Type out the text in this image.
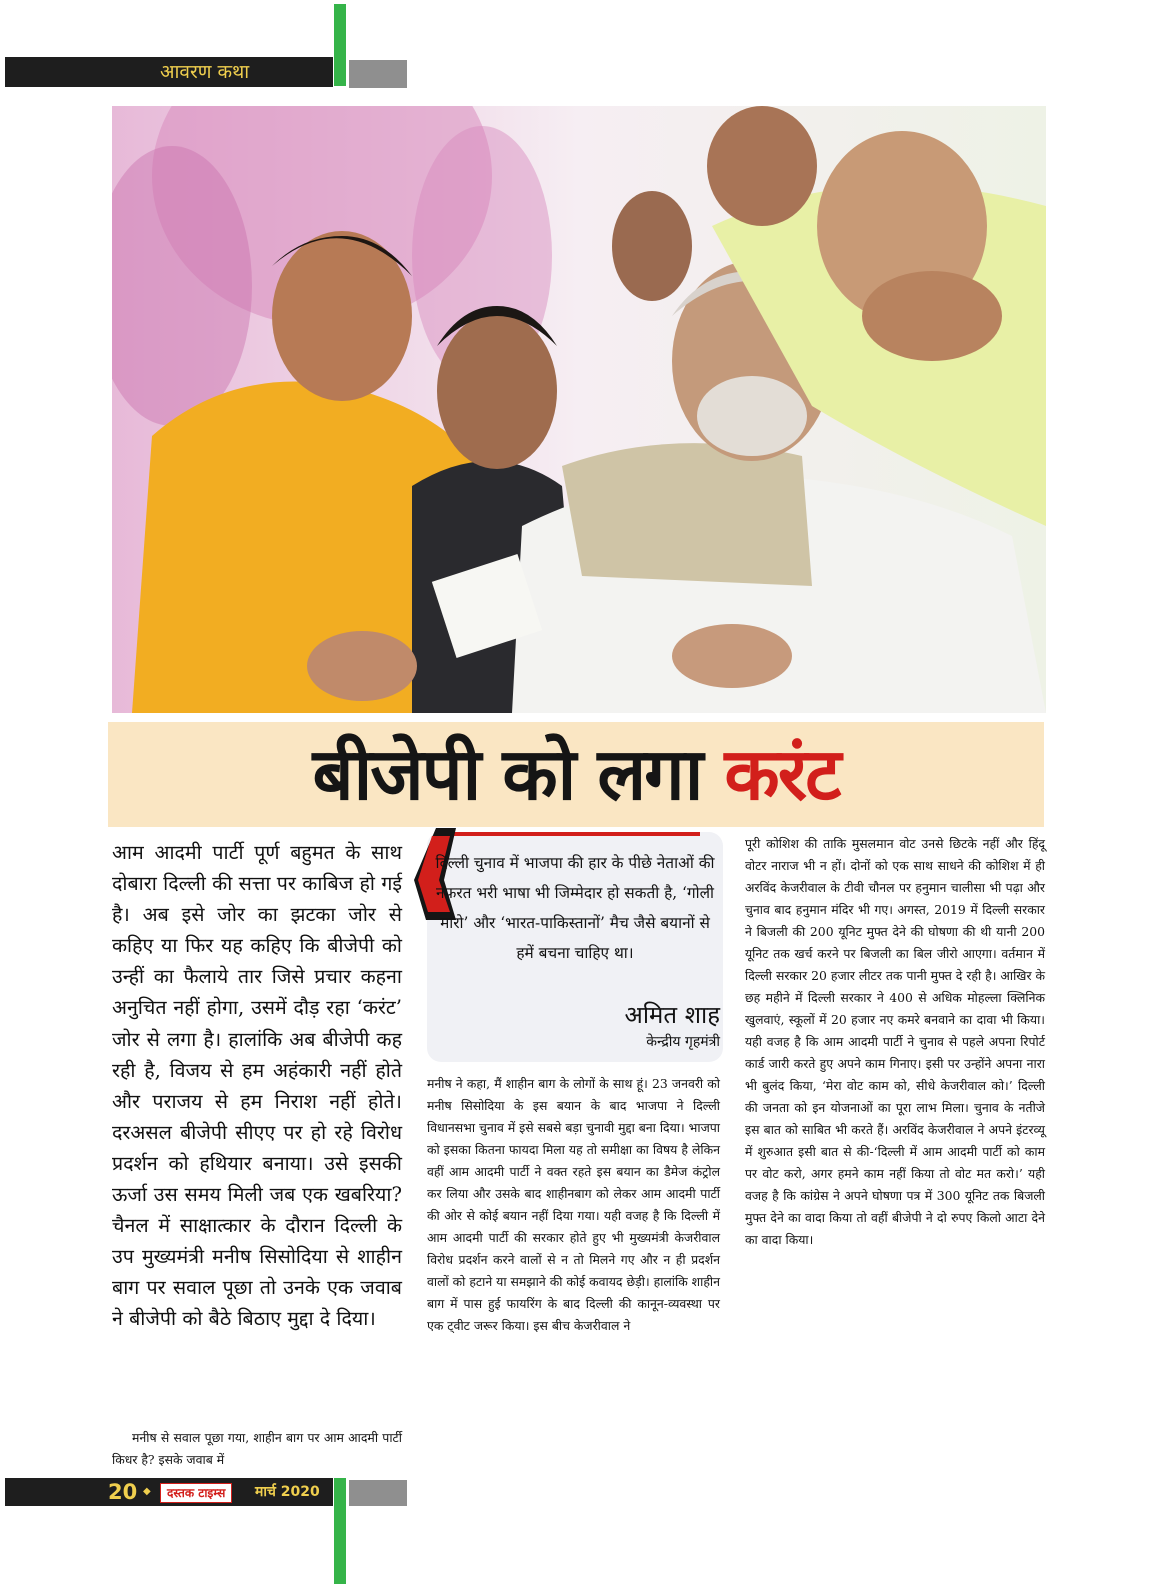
आवरण कथा
बीजेपी को लगा करंट
आम आदमी पार्टी पूर्ण बहुमत के साथ दोबारा दिल्ली की सत्ता पर काबिज हो गई है। अब इसे जोर का झटका जोर से कहिए या फिर यह कहिए कि बीजेपी को उन्हीं का फैलाये तार जिसे प्रचार कहना अनुचित नहीं होगा, उसमें दौड़ रहा ‘करंट’ जोर से लगा है। हालांकि अब बीजेपी कह रही है, विजय से हम अहंकारी नहीं होते और पराजय से हम निराश नहीं होते। दरअसल बीजेपी सीएए पर हो रहे विरोध प्रदर्शन को हथियार बनाया। उसे इसकी ऊर्जा उस समय मिली जब एक खबरिया? चैनल में साक्षात्कार के दौरान दिल्ली के उप मुख्यमंत्री मनीष सिसोदिया से शाहीन बाग पर सवाल पूछा तो उनके एक जवाब ने बीजेपी को बैठे बिठाए मुद्दा दे दिया।
मनीष से सवाल पूछा गया, शाहीन बाग पर आम आदमी पार्टी किधर है? इसके जवाब में
दिल्ली चुनाव में भाजपा की हार के पीछे नेताओं की नफरत भरी भाषा भी जिम्मेदार हो सकती है, ‘गोली मारो’ और ‘भारत-पाकिस्तानों’ मैच जैसे बयानों से हमें बचना चाहिए था।
अमित शाह
केन्द्रीय गृहमंत्री
मनीष ने कहा, मैं शाहीन बाग के लोगों के साथ हूं। 23 जनवरी को मनीष सिसोदिया के इस बयान के बाद भाजपा ने दिल्ली विधानसभा चुनाव में इसे सबसे बड़ा चुनावी मुद्दा बना दिया। भाजपा को इसका कितना फायदा मिला यह तो समीक्षा का विषय है लेकिन वहीं आम आदमी पार्टी ने वक्त रहते इस बयान का डैमेज कंट्रोल कर लिया और उसके बाद शाहीनबाग को लेकर आम आदमी पार्टी की ओर से कोई बयान नहीं दिया गया। यही वजह है कि दिल्ली में आम आदमी पार्टी की सरकार होते हुए भी मुख्यमंत्री केजरीवाल विरोध प्रदर्शन करने वालों से न तो मिलने गए और न ही प्रदर्शन वालों को हटाने या समझाने की कोई कवायद छेड़ी। हालांकि शाहीन बाग में पास हुई फायरिंग के बाद दिल्ली की कानून-व्यवस्था पर एक ट्वीट जरूर किया। इस बीच केजरीवाल ने
पूरी कोशिश की ताकि मुसलमान वोट उनसे छिटके नहीं और हिंदू वोटर नाराज भी न हों। दोनों को एक साथ साधने की कोशिश में ही अरविंद केजरीवाल के टीवी चौनल पर हनुमान चालीसा भी पढ़ा और चुनाव बाद हनुमान मंदिर भी गए। अगस्त, 2019 में दिल्ली सरकार ने बिजली की 200 यूनिट मुफ्त देने की घोषणा की थी यानी 200 यूनिट तक खर्च करने पर बिजली का बिल जीरो आएगा। वर्तमान में दिल्ली सरकार 20 हजार लीटर तक पानी मुफ्त दे रही है। आखिर के छह महीने में दिल्ली सरकार ने 400 से अधिक मोहल्ला क्लिनिक खुलवाएं, स्कूलों में 20 हजार नए कमरे बनवाने का दावा भी किया। यही वजह है कि आम आदमी पार्टी ने चुनाव से पहले अपना रिपोर्ट कार्ड जारी करते हुए अपने काम गिनाए। इसी पर उन्होंने अपना नारा भी बुलंद किया, ‘मेरा वोट काम को, सीधे केजरीवाल को।’ दिल्ली की जनता को इन योजनाओं का पूरा लाभ मिला। चुनाव के नतीजे इस बात को साबित भी करते हैं। अरविंद केजरीवाल ने अपने इंटरव्यू में शुरुआत इसी बात से की-‘दिल्ली में आम आदमी पार्टी को काम पर वोट करो, अगर हमने काम नहीं किया तो वोट मत करो।’ यही वजह है कि कांग्रेस ने अपने घोषणा पत्र में 300 यूनिट तक बिजली मुफ्त देने का वादा किया तो वहीं बीजेपी ने दो रुपए किलो आटा देने का वादा किया।
20 ◆	दस्तक टाइम्स	मार्च 2020
